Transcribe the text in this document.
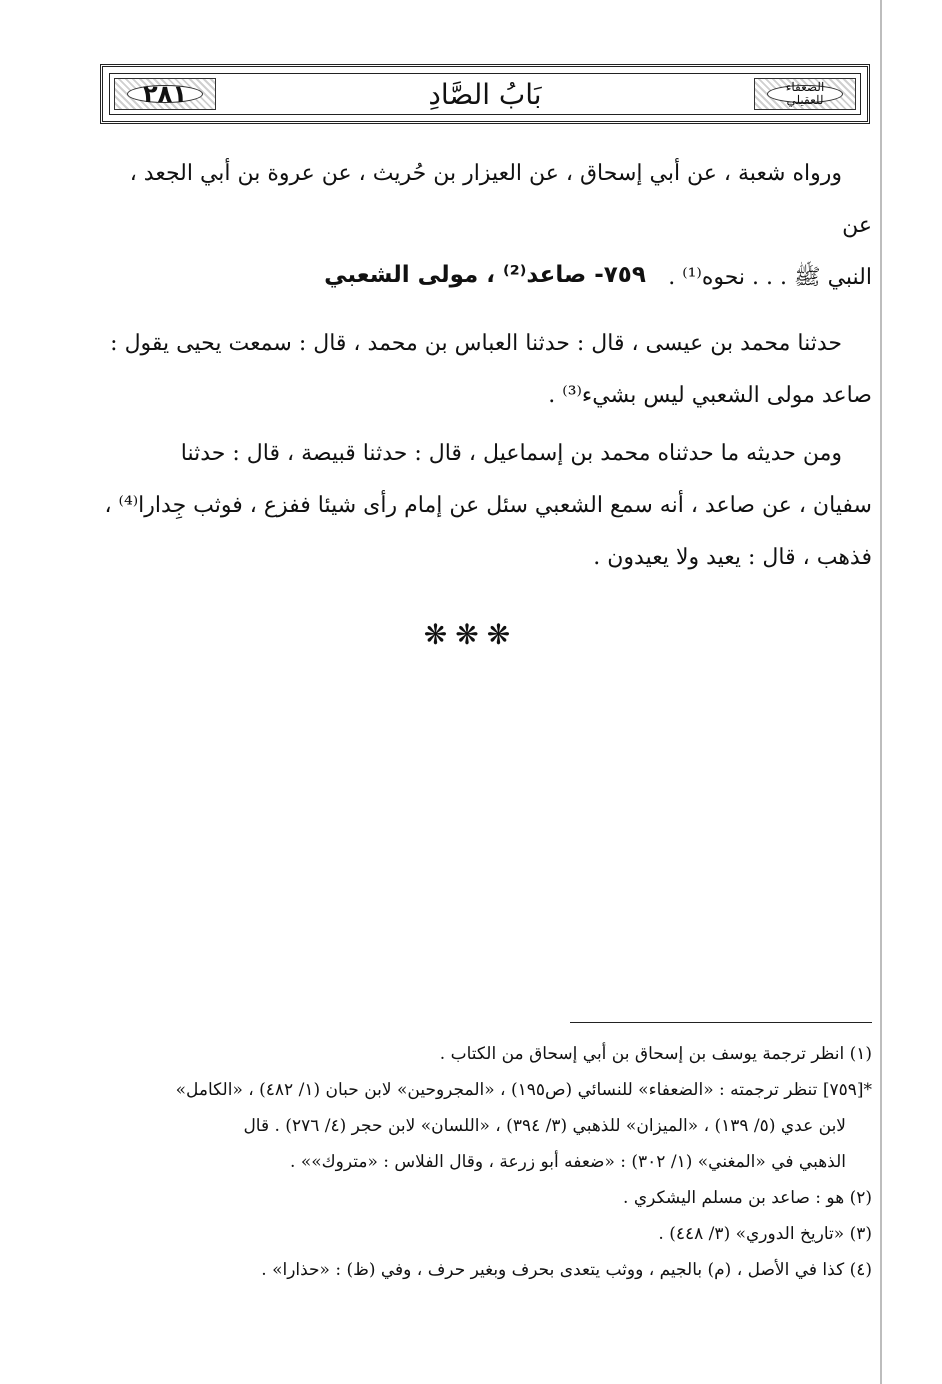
٢٨١	بَابُ الصَّادِ	الضعفاء للعقيلي
ورواه شعبة ، عن أبي إسحاق ، عن العيزار بن حُريث ، عن عروة بن أبي الجعد ، عن
النبي ﷺ . . . نحوه⁽¹⁾ .
٧٥٩- صاعد⁽²⁾ ، مولى الشعبي
حدثنا محمد بن عيسى ، قال : حدثنا العباس بن محمد ، قال : سمعت يحيى يقول :
صاعد مولى الشعبي ليس بشيء⁽³⁾ .
ومن حديثه ما حدثناه محمد بن إسماعيل ، قال : حدثنا قبيصة ، قال : حدثنا
سفيان ، عن صاعد ، أنه سمع الشعبي سئل عن إمام رأى شيئا ففزع ، فوثب جِدارا⁽⁴⁾ ،
فذهب ، قال : يعيد ولا يعيدون .
❋❋❋

(١) انظر ترجمة يوسف بن إسحاق بن أبي إسحاق من الكتاب .

*[٧٥٩] تنظر ترجمته : «الضعفاء» للنسائي (ص١٩٥) ، «المجروحين» لابن حبان (١/ ٤٨٢) ، «الكامل»

لابن عدي (٥/ ١٣٩) ، «الميزان» للذهبي (٣/ ٣٩٤) ، «اللسان» لابن حجر (٤/ ٢٧٦) . قال

الذهبي في «المغني» (١/ ٣٠٢) : «ضعفه أبو زرعة ، وقال الفلاس : «متروك»» .

(٢) هو : صاعد بن مسلم اليشكري .

(٣) «تاريخ الدوري» (٣/ ٤٤٨) .

(٤) كذا في الأصل ، (م) بالجيم ، ووثب يتعدى بحرف وبغير حرف ، وفي (ظ) : «حذارا» .
